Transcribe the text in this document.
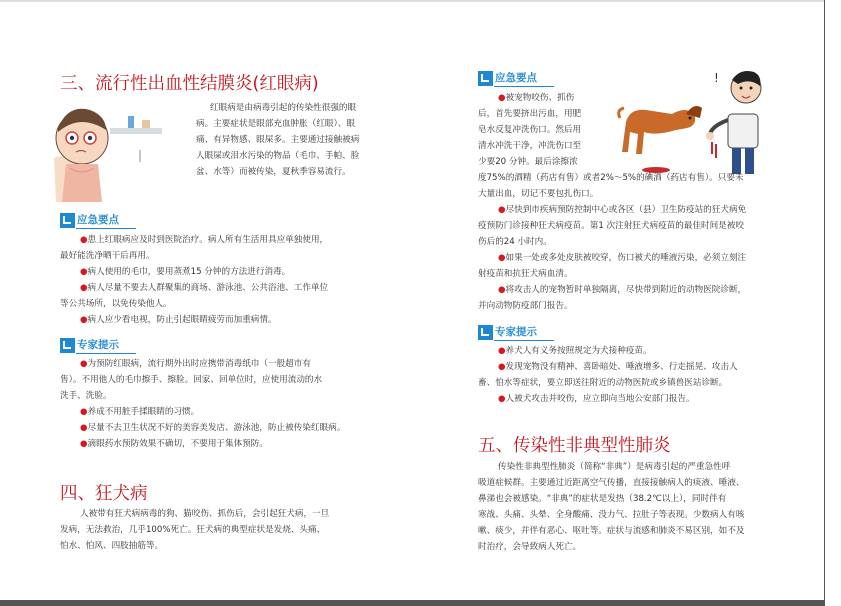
三、流行性出血性结膜炎(红眼病)
红眼病是由病毒引起的传染性很强的眼
病。主要症状是眼部充血肿胀（红眼）、眼
痛、有异物感、眼屎多。主要通过接触被病
人眼屎或泪水污染的物品（毛巾、手帕、脸
盆、水等）而被传染，夏秋季容易流行。
应急要点
●患上红眼病应及时到医院治疗。病人所有生活用具应单独使用，
最好能洗净晒干后再用。
●病人使用的毛巾，要用蒸煮15 分钟的方法进行消毒。
●病人尽量不要去人群聚集的商场、游泳池、公共浴池、工作单位
等公共场所，以免传染他人。
●病人应少看电视，防止引起眼睛疲劳而加重病情。
专家提示
●为预防红眼病，流行期外出时应携带消毒纸巾（一般超市有
售）。不用他人的毛巾擦手、擦脸。回家、回单位时，应使用流动的水
洗手、洗脸。
●养成不用脏手揉眼睛的习惯。
●尽量不去卫生状况不好的美容美发店、游泳池，防止被传染红眼病。
●滴眼药水预防效果不确切，不要用于集体预防。
四、狂犬病
人被带有狂犬病病毒的狗、猫咬伤、抓伤后，会引起狂犬病，一旦
发病，无法救治，几乎100%死亡。狂犬病的典型症状是发烧、头痛、
怕水、怕风、四肢抽筋等。
应急要点
●被宠物咬伤、抓伤
后，首先要挤出污血，用肥
皂水反复冲洗伤口。然后用
清水冲洗干净，冲洗伤口至
少要20 分钟。最后涂擦浓
!
度75%的酒精（药店有售）或者2%～5%的碘酒（药店有售）。只要未
大量出血，切记不要包扎伤口。
●尽快到市疾病预防控制中心或各区（县）卫生防疫站的狂犬病免
疫预防门诊接种狂犬病疫苗。第1 次注射狂犬病疫苗的最佳时间是被咬
伤后的24 小时内。
●如果一处或多处皮肤被咬穿，伤口被犬的唾液污染，必须立刻注
射疫苗和抗狂犬病血清。
●将攻击人的宠物暂时单独隔离，尽快带到附近的动物医院诊断，
并向动物防疫部门报告。
专家提示
●养犬人有义务按照规定为犬接种疫苗。
●发现宠物没有精神、喜卧暗处、唾液增多、行走摇晃、攻击人
畜、怕水等症状，要立即送往附近的动物医院或乡镇兽医站诊断。
●人被犬攻击并咬伤，应立即向当地公安部门报告。
五、传染性非典型性肺炎
传染性非典型性肺炎（简称“非典”）是病毒引起的严重急性呼
吸道症候群。主要通过近距离空气传播，直接接触病人的痰液、唾液、
鼻涕也会被感染。“非典”的症状是发热（38.2℃以上），同时伴有
寒战、头痛、头晕、全身酸痛、没力气、拉肚子等表现。少数病人有咳
嗽、痰少，并伴有恶心、呕吐等。症状与流感和肺炎不易区别，如不及
时治疗，会导致病人死亡。
